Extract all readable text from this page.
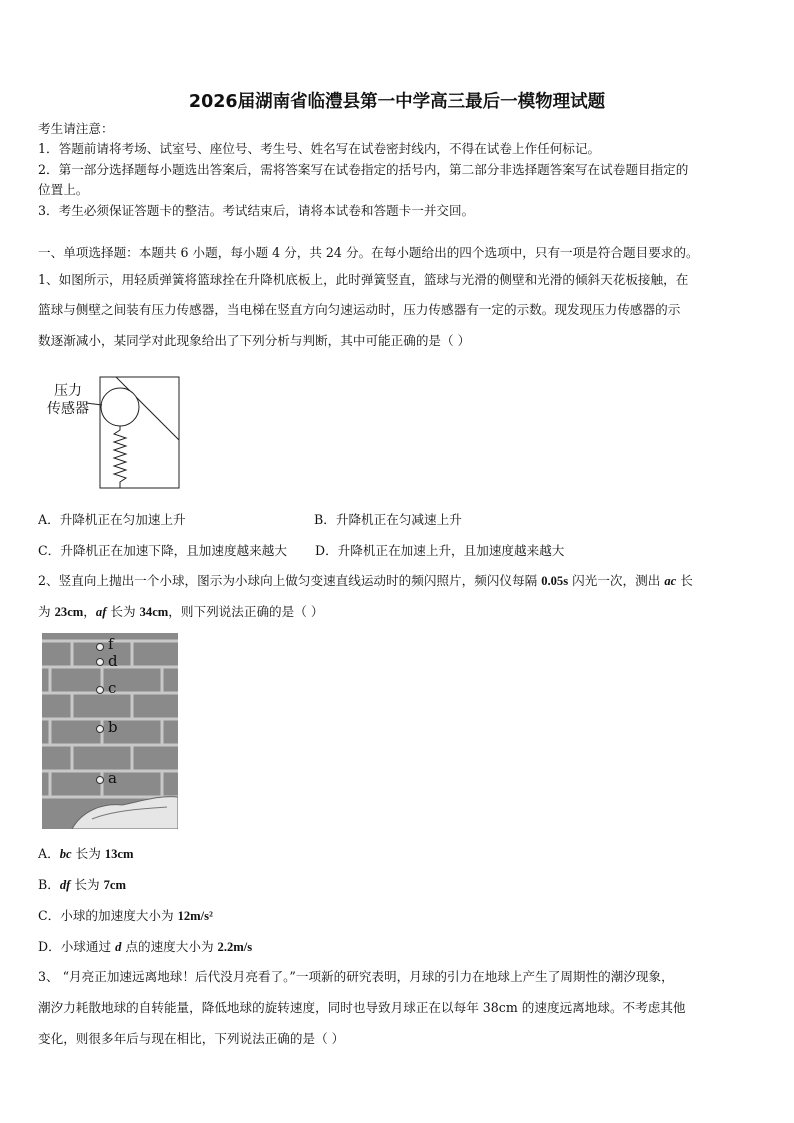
2026届湖南省临澧县第一中学高三最后一模物理试题
考生请注意：
1．答题前请将考场、试室号、座位号、考生号、姓名写在试卷密封线内，不得在试卷上作任何标记。
2．第一部分选择题每小题选出答案后，需将答案写在试卷指定的括号内，第二部分非选择题答案写在试卷题目指定的
位置上。
3．考生必须保证答题卡的整洁。考试结束后，请将本试卷和答题卡一并交回。
一、单项选择题：本题共 6 小题，每小题 4 分，共 24 分。在每小题给出的四个选项中，只有一项是符合题目要求的。
1、如图所示，用轻质弹簧将篮球拴在升降机底板上，此时弹簧竖直，篮球与光滑的侧壁和光滑的倾斜天花板接触，在
篮球与侧壁之间装有压力传感器，当电梯在竖直方向匀速运动时，压力传感器有一定的示数。现发现压力传感器的示
数逐渐减小，某同学对此现象给出了下列分析与判断，其中可能正确的是（ ）
压力
传感器
A．升降机正在匀加速上升	B．升降机正在匀减速上升
C．升降机正在加速下降，且加速度越来越大 D．升降机正在加速上升，且加速度越来越大
2、竖直向上抛出一个小球，图示为小球向上做匀变速直线运动时的频闪照片，频闪仪每隔 0.05s 闪光一次，测出 ac 长
为 23cm，af 长为 34cm，则下列说法正确的是（ ）
f
d
c
b
a
A．bc 长为 13cm
B．df 长为 7cm
C．小球的加速度大小为 12m/s²
D．小球通过 d 点的速度大小为 2.2m/s
3、 “月亮正加速远离地球！后代没月亮看了。”一项新的研究表明，月球的引力在地球上产生了周期性的潮汐现象，
潮汐力耗散地球的自转能量，降低地球的旋转速度，同时也导致月球正在以每年 38cm 的速度远离地球。不考虑其他
变化，则很多年后与现在相比，下列说法正确的是（ ）
